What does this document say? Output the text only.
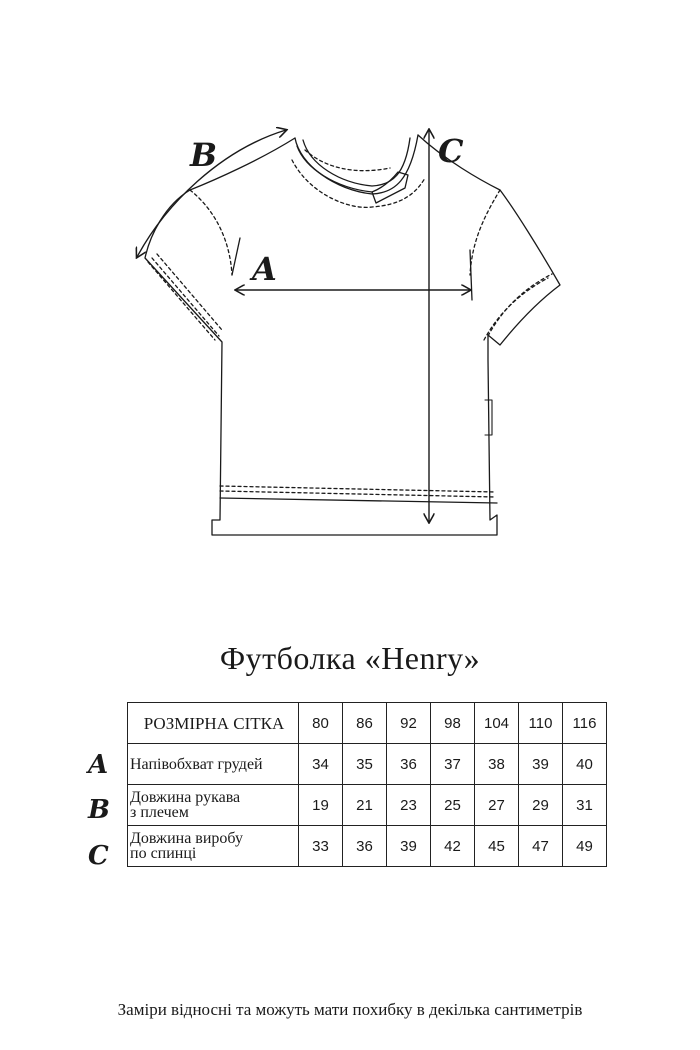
A
B	C
Футболка «Henry»
A
B
C
РОЗМІРНА СІТКА	80	86	92	98	104	110	116
Напівобхват грудей	34	35	36	37	38	39	40
Довжина рукава
з плечем	19	21	23	25	27	29	31
Довжина виробу
по спинці	33	36	39	42	45	47	49
Заміри відносні та можуть мати похибку в декілька сантиметрів
